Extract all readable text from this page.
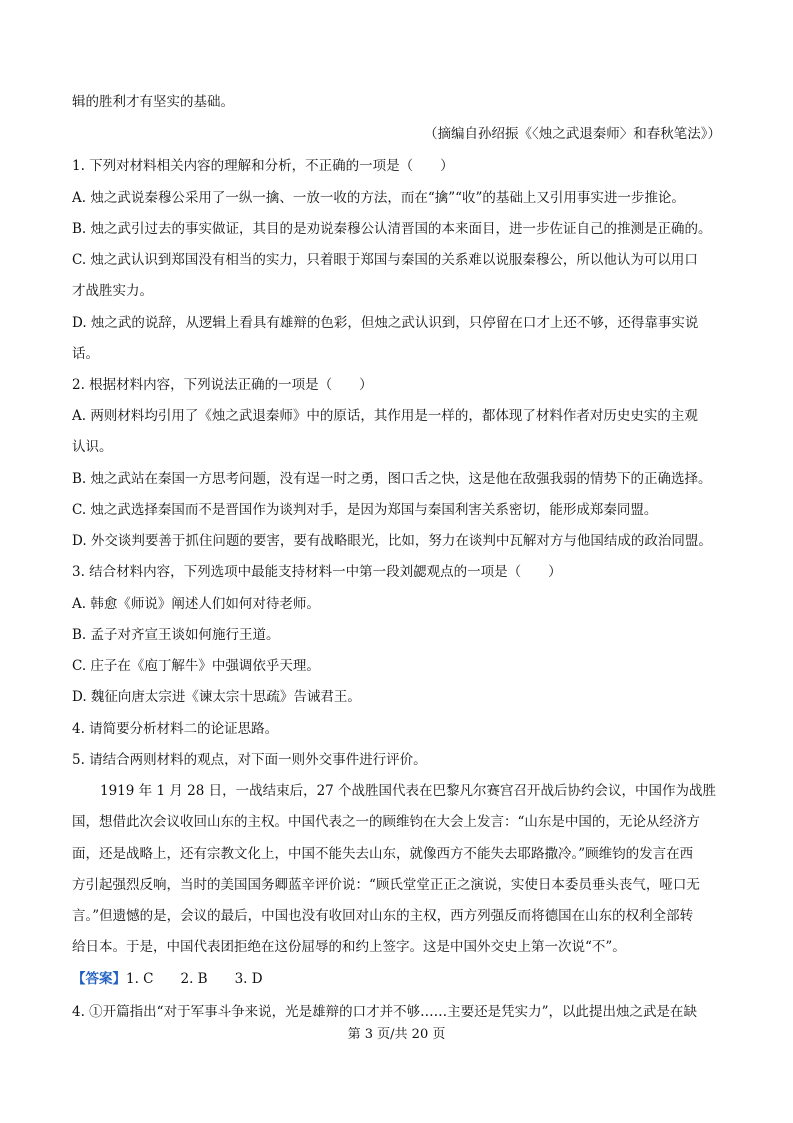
辑的胜利才有坚实的基础。
（摘编自孙绍振《〈烛之武退秦师〉和春秋笔法》）
1. 下列对材料相关内容的理解和分析，不正确的一项是（　　）
A. 烛之武说秦穆公采用了一纵一擒、一放一收的方法，而在“擒”“收”的基础上又引用事实进一步推论。
B. 烛之武引过去的事实做证，其目的是劝说秦穆公认清晋国的本来面目，进一步佐证自己的推测是正确的。
C. 烛之武认识到郑国没有相当的实力，只着眼于郑国与秦国的关系难以说服秦穆公，所以他认为可以用口
才战胜实力。
D. 烛之武的说辞，从逻辑上看具有雄辩的色彩，但烛之武认识到，只停留在口才上还不够，还得靠事实说
话。
2. 根据材料内容，下列说法正确的一项是（　　）
A. 两则材料均引用了《烛之武退秦师》中的原话，其作用是一样的，都体现了材料作者对历史史实的主观
认识。
B. 烛之武站在秦国一方思考问题，没有逞一时之勇，图口舌之快，这是他在敌强我弱的情势下的正确选择。
C. 烛之武选择秦国而不是晋国作为谈判对手，是因为郑国与秦国利害关系密切，能形成郑秦同盟。
D. 外交谈判要善于抓住问题的要害，要有战略眼光，比如，努力在谈判中瓦解对方与他国结成的政治同盟。
3. 结合材料内容，下列选项中最能支持材料一中第一段刘勰观点的一项是（　　）
A. 韩愈《师说》阐述人们如何对待老师。
B. 孟子对齐宣王谈如何施行王道。
C. 庄子在《庖丁解牛》中强调依乎天理。
D. 魏征向唐太宗进《谏太宗十思疏》告诫君王。
4. 请简要分析材料二的论证思路。
5. 请结合两则材料的观点，对下面一则外交事件进行评价。
1919 年 1 月 28 日，一战结束后，27 个战胜国代表在巴黎凡尔赛宫召开战后协约会议，中国作为战胜
国，想借此次会议收回山东的主权。中国代表之一的顾维钧在大会上发言：“山东是中国的，无论从经济方
面，还是战略上，还有宗教文化上，中国不能失去山东，就像西方不能失去耶路撒冷。”顾维钧的发言在西
方引起强烈反响，当时的美国国务卿蓝辛评价说：“顾氏堂堂正正之演说，实使日本委员垂头丧气，哑口无
言。”但遗憾的是，会议的最后，中国也没有收回对山东的主权，西方列强反而将德国在山东的权利全部转
给日本。于是，中国代表团拒绝在这份屈辱的和约上签字。这是中国外交史上第一次说“不”。
【答案】1. C　　2. B　　3. D
4. ①开篇指出“对于军事斗争来说，光是雄辩的口才并不够……主要还是凭实力”，以此提出烛之武是在缺
第 3 页/共 20 页
